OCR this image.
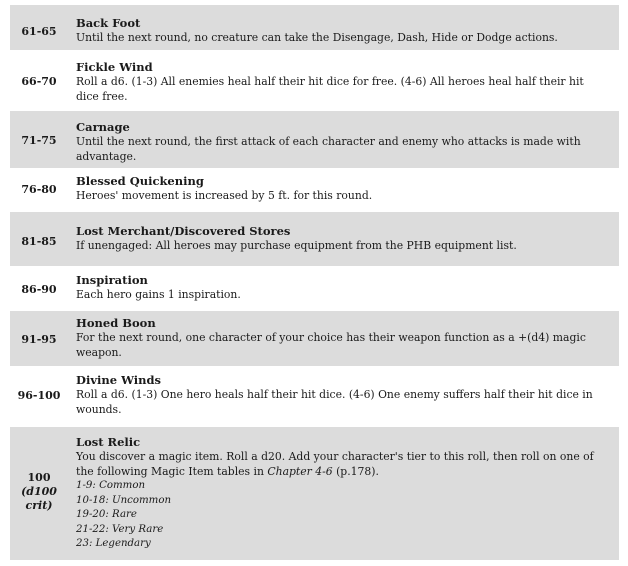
61-65
Back Foot
Until the next round, no creature can take the Disengage, Dash, Hide or Dodge actions.
66-70
Fickle Wind
Roll a d6. (1-3) All enemies heal half their hit dice for free. (4-6) All heroes heal half their hit dice free.
71-75
Carnage
Until the next round, the first attack of each character and enemy who attacks is made with advantage.
76-80
Blessed Quickening
Heroes' movement is increased by 5 ft. for this round.
81-85
Lost Merchant/Discovered Stores
If unengaged: All heroes may purchase equipment from the PHB equipment list.
86-90
Inspiration
Each hero gains 1 inspiration.
91-95
Honed Boon
For the next round, one character of your choice has their weapon function as a +(d4) magic weapon.
96-100
Divine Winds
Roll a d6. (1-3) One hero heals half their hit dice. (4-6) One enemy suffers half their hit dice in wounds.
100
(d100
crit)
Lost Relic
You discover a magic item. Roll a d20. Add your character's tier to this roll, then roll on one of the following Magic Item tables in Chapter 4-6 (p.178).
1-9: Common
10-18: Uncommon
19-20: Rare
21-22: Very Rare
23: Legendary
